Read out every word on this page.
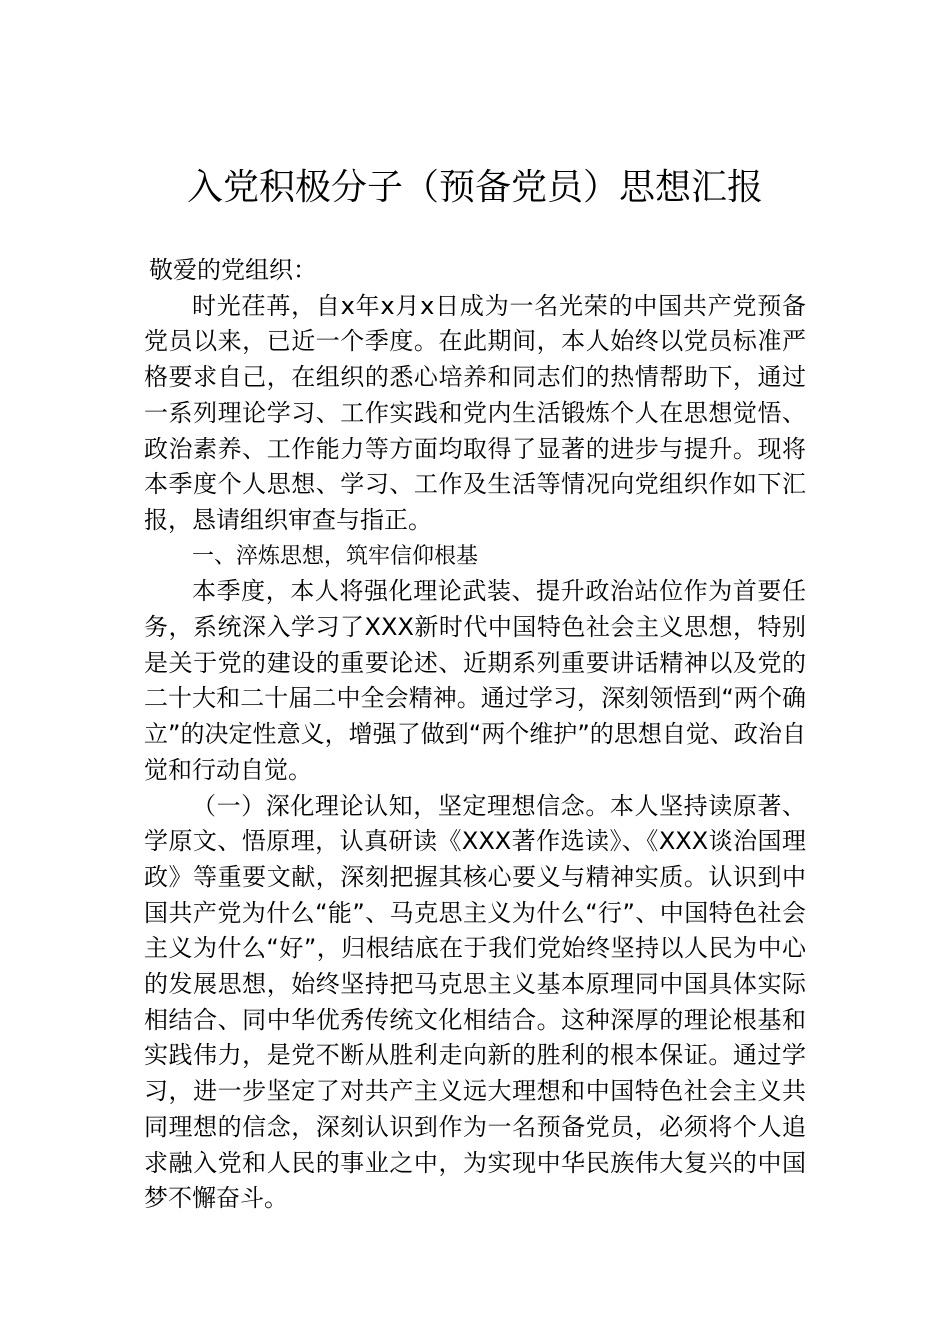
入党积极分子（预备党员）思想汇报

敬爱的党组织：

时光荏苒，自x年x月x日成为一名光荣的中国共产党预备党员以来，已近一个季度。在此期间，本人始终以党员标准严格要求自己，在组织的悉心培养和同志们的热情帮助下，通过一系列理论学习、工作实践和党内生活锻炼个人在思想觉悟、政治素养、工作能力等方面均取得了显著的进步与提升。现将本季度个人思想、学习、工作及生活等情况向党组织作如下汇报，恳请组织审查与指正。

一、淬炼思想，筑牢信仰根基

本季度，本人将强化理论武装、提升政治站位作为首要任务，系统深入学习了XXX新时代中国特色社会主义思想，特别是关于党的建设的重要论述、近期系列重要讲话精神以及党的二十大和二十届二中全会精神。通过学习，深刻领悟到“两个确立”的决定性意义，增强了做到“两个维护”的思想自觉、政治自觉和行动自觉。

（一）深化理论认知，坚定理想信念。本人坚持读原著、学原文、悟原理，认真研读《XXX著作选读》、《XXX谈治国理政》等重要文献，深刻把握其核心要义与精神实质。认识到中国共产党为什么“能”、马克思主义为什么“行”、中国特色社会主义为什么“好”，归根结底在于我们党始终坚持以人民为中心的发展思想，始终坚持把马克思主义基本原理同中国具体实际相结合、同中华优秀传统文化相结合。这种深厚的理论根基和实践伟力，是党不断从胜利走向新的胜利的根本保证。通过学习，进一步坚定了对共产主义远大理想和中国特色社会主义共同理想的信念，深刻认识到作为一名预备党员，必须将个人追求融入党和人民的事业之中，为实现中华民族伟大复兴的中国梦不懈奋斗。
